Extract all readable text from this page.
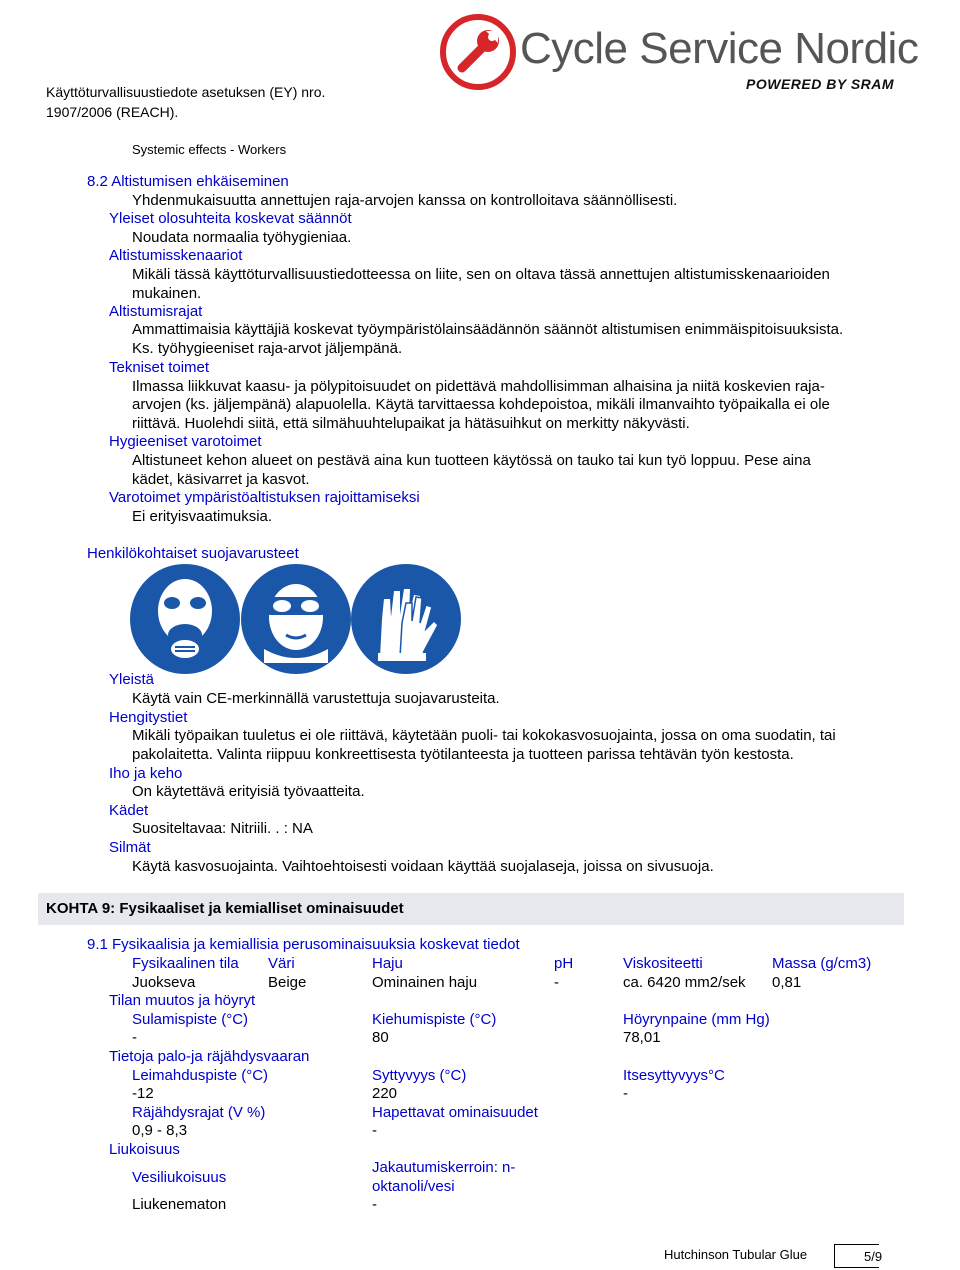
Käyttöturvallisuustiedote asetuksen (EY) nro.
1907/2006 (REACH).
Cycle Service Nordic
POWERED BY SRAM
Systemic effects - Workers
8.2 Altistumisen ehkäiseminen
Yhdenmukaisuutta annettujen raja-arvojen kanssa on kontrolloitava säännöllisesti.
Yleiset olosuhteita koskevat säännöt
Noudata normaalia työhygieniaa.
Altistumisskenaariot
Mikäli tässä käyttöturvallisuustiedotteessa on liite, sen on oltava tässä annettujen altistumisskenaarioiden
mukainen.
Altistumisrajat
Ammattimaisia käyttäjiä koskevat työympäristölainsäädännön säännöt altistumisen enimmäispitoisuuksista.
Ks. työhygieeniset raja-arvot jäljempänä.
Tekniset toimet
Ilmassa liikkuvat kaasu- ja pölypitoisuudet on pidettävä mahdollisimman alhaisina ja niitä koskevien raja-
arvojen (ks. jäljempänä) alapuolella. Käytä tarvittaessa kohdepoistoa, mikäli ilmanvaihto työpaikalla ei ole
riittävä. Huolehdi siitä, että silmähuuhtelupaikat ja hätäsuihkut on merkitty näkyvästi.
Hygieeniset varotoimet
Altistuneet kehon alueet on pestävä aina kun tuotteen käytössä on tauko tai kun työ loppuu. Pese aina
kädet, käsivarret ja kasvot.
Varotoimet ympäristöaltistuksen rajoittamiseksi
Ei erityisvaatimuksia.
Henkilökohtaiset suojavarusteet
Yleistä
Käytä vain CE-merkinnällä varustettuja suojavarusteita.
Hengitystiet
Mikäli työpaikan tuuletus ei ole riittävä, käytetään puoli- tai kokokasvosuojainta, jossa on oma suodatin, tai
pakolaitetta. Valinta riippuu konkreettisesta työtilanteesta ja tuotteen parissa tehtävän työn kestosta.
Iho ja keho
On käytettävä erityisiä työvaatteita.
Kädet
Suositeltavaa: Nitriili. . : NA
Silmät
Käytä kasvosuojainta. Vaihtoehtoisesti voidaan käyttää suojalaseja, joissa on sivusuoja.
KOHTA 9: Fysikaaliset ja kemialliset ominaisuudet
9.1 Fysikaalisia ja kemiallisia perusominaisuuksia koskevat tiedot
Fysikaalinen tila Väri	Haju	pH	Viskositeetti	Massa (g/cm3)
Juokseva	Beige	Ominainen haju	-	ca. 6420 mm2/sek 0,81
Tilan muutos ja höyryt
Sulamispiste (°C)	Kiehumispiste (°C)	Höyrynpaine (mm Hg)
-	80	78,01
Tietoja palo-ja räjähdysvaaran
Leimahduspiste (°C)	Syttyvyys (°C)	Itsesyttyvyys°C
-12	220	-
Räjähdysrajat (V %)	Hapettavat ominaisuudet
0,9 - 8,3	-
Liukoisuus
Vesiliukoisuus
Jakautumiskerroin: n-
oktanoli/vesi
Liukenematon	-
Hutchinson Tubular Glue	5/9
